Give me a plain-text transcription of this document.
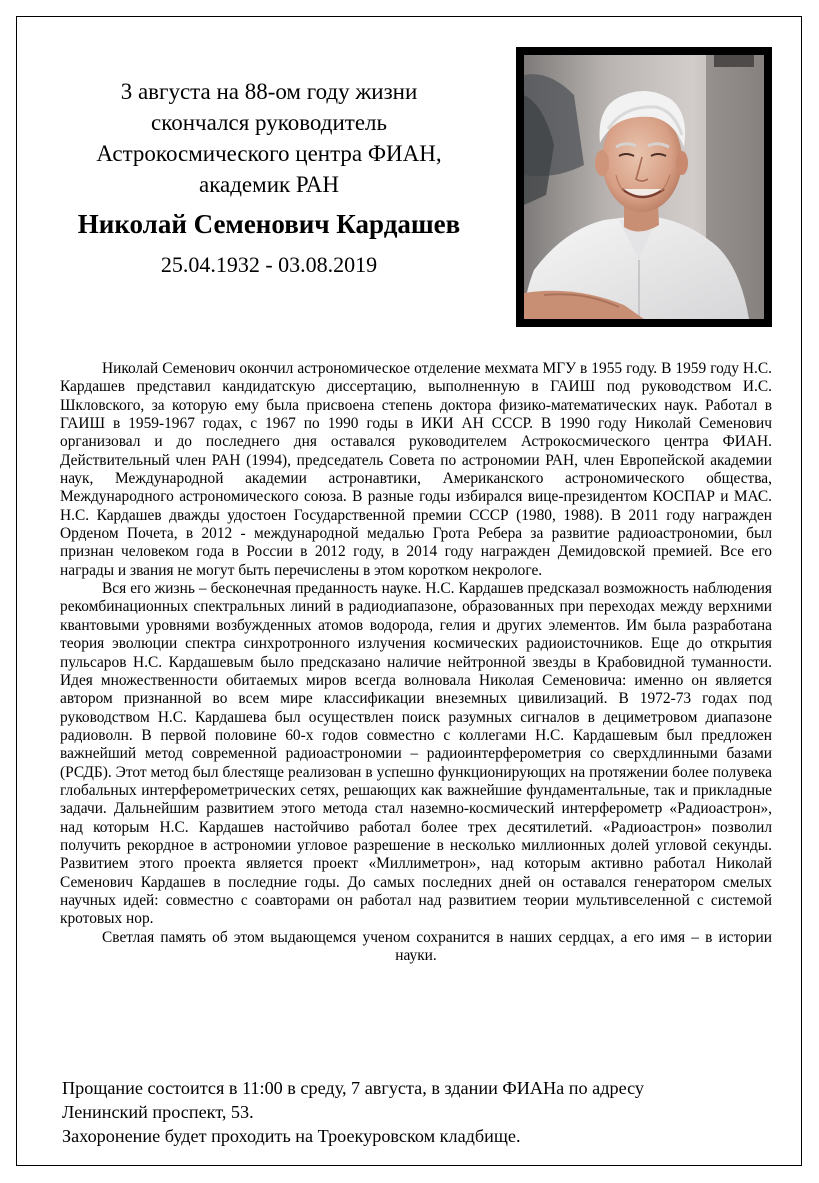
3 августа на 88-ом году жизни
скончался руководитель
Астрокосмического центра ФИАН,
академик РАН
Николай Семенович Кардашев
25.04.1932 - 03.08.2019

Николай Семенович окончил астрономическое отделение мехмата МГУ в 1955 году. В 1959 году Н.С. Кардашев представил кандидатскую диссертацию, выполненную в ГАИШ под руководством И.С. Шкловского, за которую ему была присвоена степень доктора физико-математических наук. Работал в ГАИШ в 1959-1967 годах, с 1967 по 1990 годы в ИКИ АН СССР. В 1990 году Николай Семенович организовал и до последнего дня оставался руководителем Астрокосмического центра ФИАН. Действительный член РАН (1994), председатель Совета по астрономии РАН, член Европейской академии наук, Международной академии астронавтики, Американского астрономического общества, Международного астрономического союза. В разные годы избирался вице-президентом КОСПАР и МАС. Н.С. Кардашев дважды удостоен Государственной премии СССР (1980, 1988). В 2011 году награжден Орденом Почета, в 2012 - международной медалью Грота Ребера за развитие радиоастрономии, был признан человеком года в России в 2012 году, в 2014 году награжден Демидовской премией. Все его награды и звания не могут быть перечислены в этом коротком некрологе.

Вся его жизнь – бесконечная преданность науке. Н.С. Кардашев предсказал возможность наблюдения рекомбинационных спектральных линий в радиодиапазоне, образованных при переходах между верхними квантовыми уровнями возбужденных атомов водорода, гелия и других элементов. Им была разработана теория эволюции спектра синхротронного излучения космических радиоисточников. Еще до открытия пульсаров Н.С. Кардашевым было предсказано наличие нейтронной звезды в Крабовидной туманности. Идея множественности обитаемых миров всегда волновала Николая Семеновича: именно он является автором признанной во всем мире классификации внеземных цивилизаций. В 1972-73 годах под руководством Н.С. Кардашева был осуществлен поиск разумных сигналов в дециметровом диапазоне радиоволн. В первой половине 60-х годов совместно с коллегами Н.С. Кардашевым был предложен важнейший метод современной радиоастрономии – радиоинтерферометрия со сверхдлинными базами (РСДБ). Этот метод был блестяще реализован в успешно функционирующих на протяжении более полувека глобальных интерферометрических сетях, решающих как важнейшие фундаментальные, так и прикладные задачи. Дальнейшим развитием этого метода стал наземно-космический интерферометр «Радиоастрон», над которым Н.С. Кардашев настойчиво работал более трех десятилетий. «Радиоастрон» позволил получить рекордное в астрономии угловое разрешение в несколько миллионных долей угловой секунды. Развитием этого проекта является проект «Миллиметрон», над которым активно работал Николай Семенович Кардашев в последние годы. До самых последних дней он оставался генератором смелых научных идей: совместно с соавторами он работал над развитием теории мультивселенной с системой кротовых нор.

Светлая память об этом выдающемся ученом сохранится в наших сердцах, а его имя – в истории науки.

Прощание состоится в 11:00 в среду, 7 августа, в здании ФИАНа по адресу
Ленинский проспект, 53.
Захоронение будет проходить на Троекуровском кладбище.
